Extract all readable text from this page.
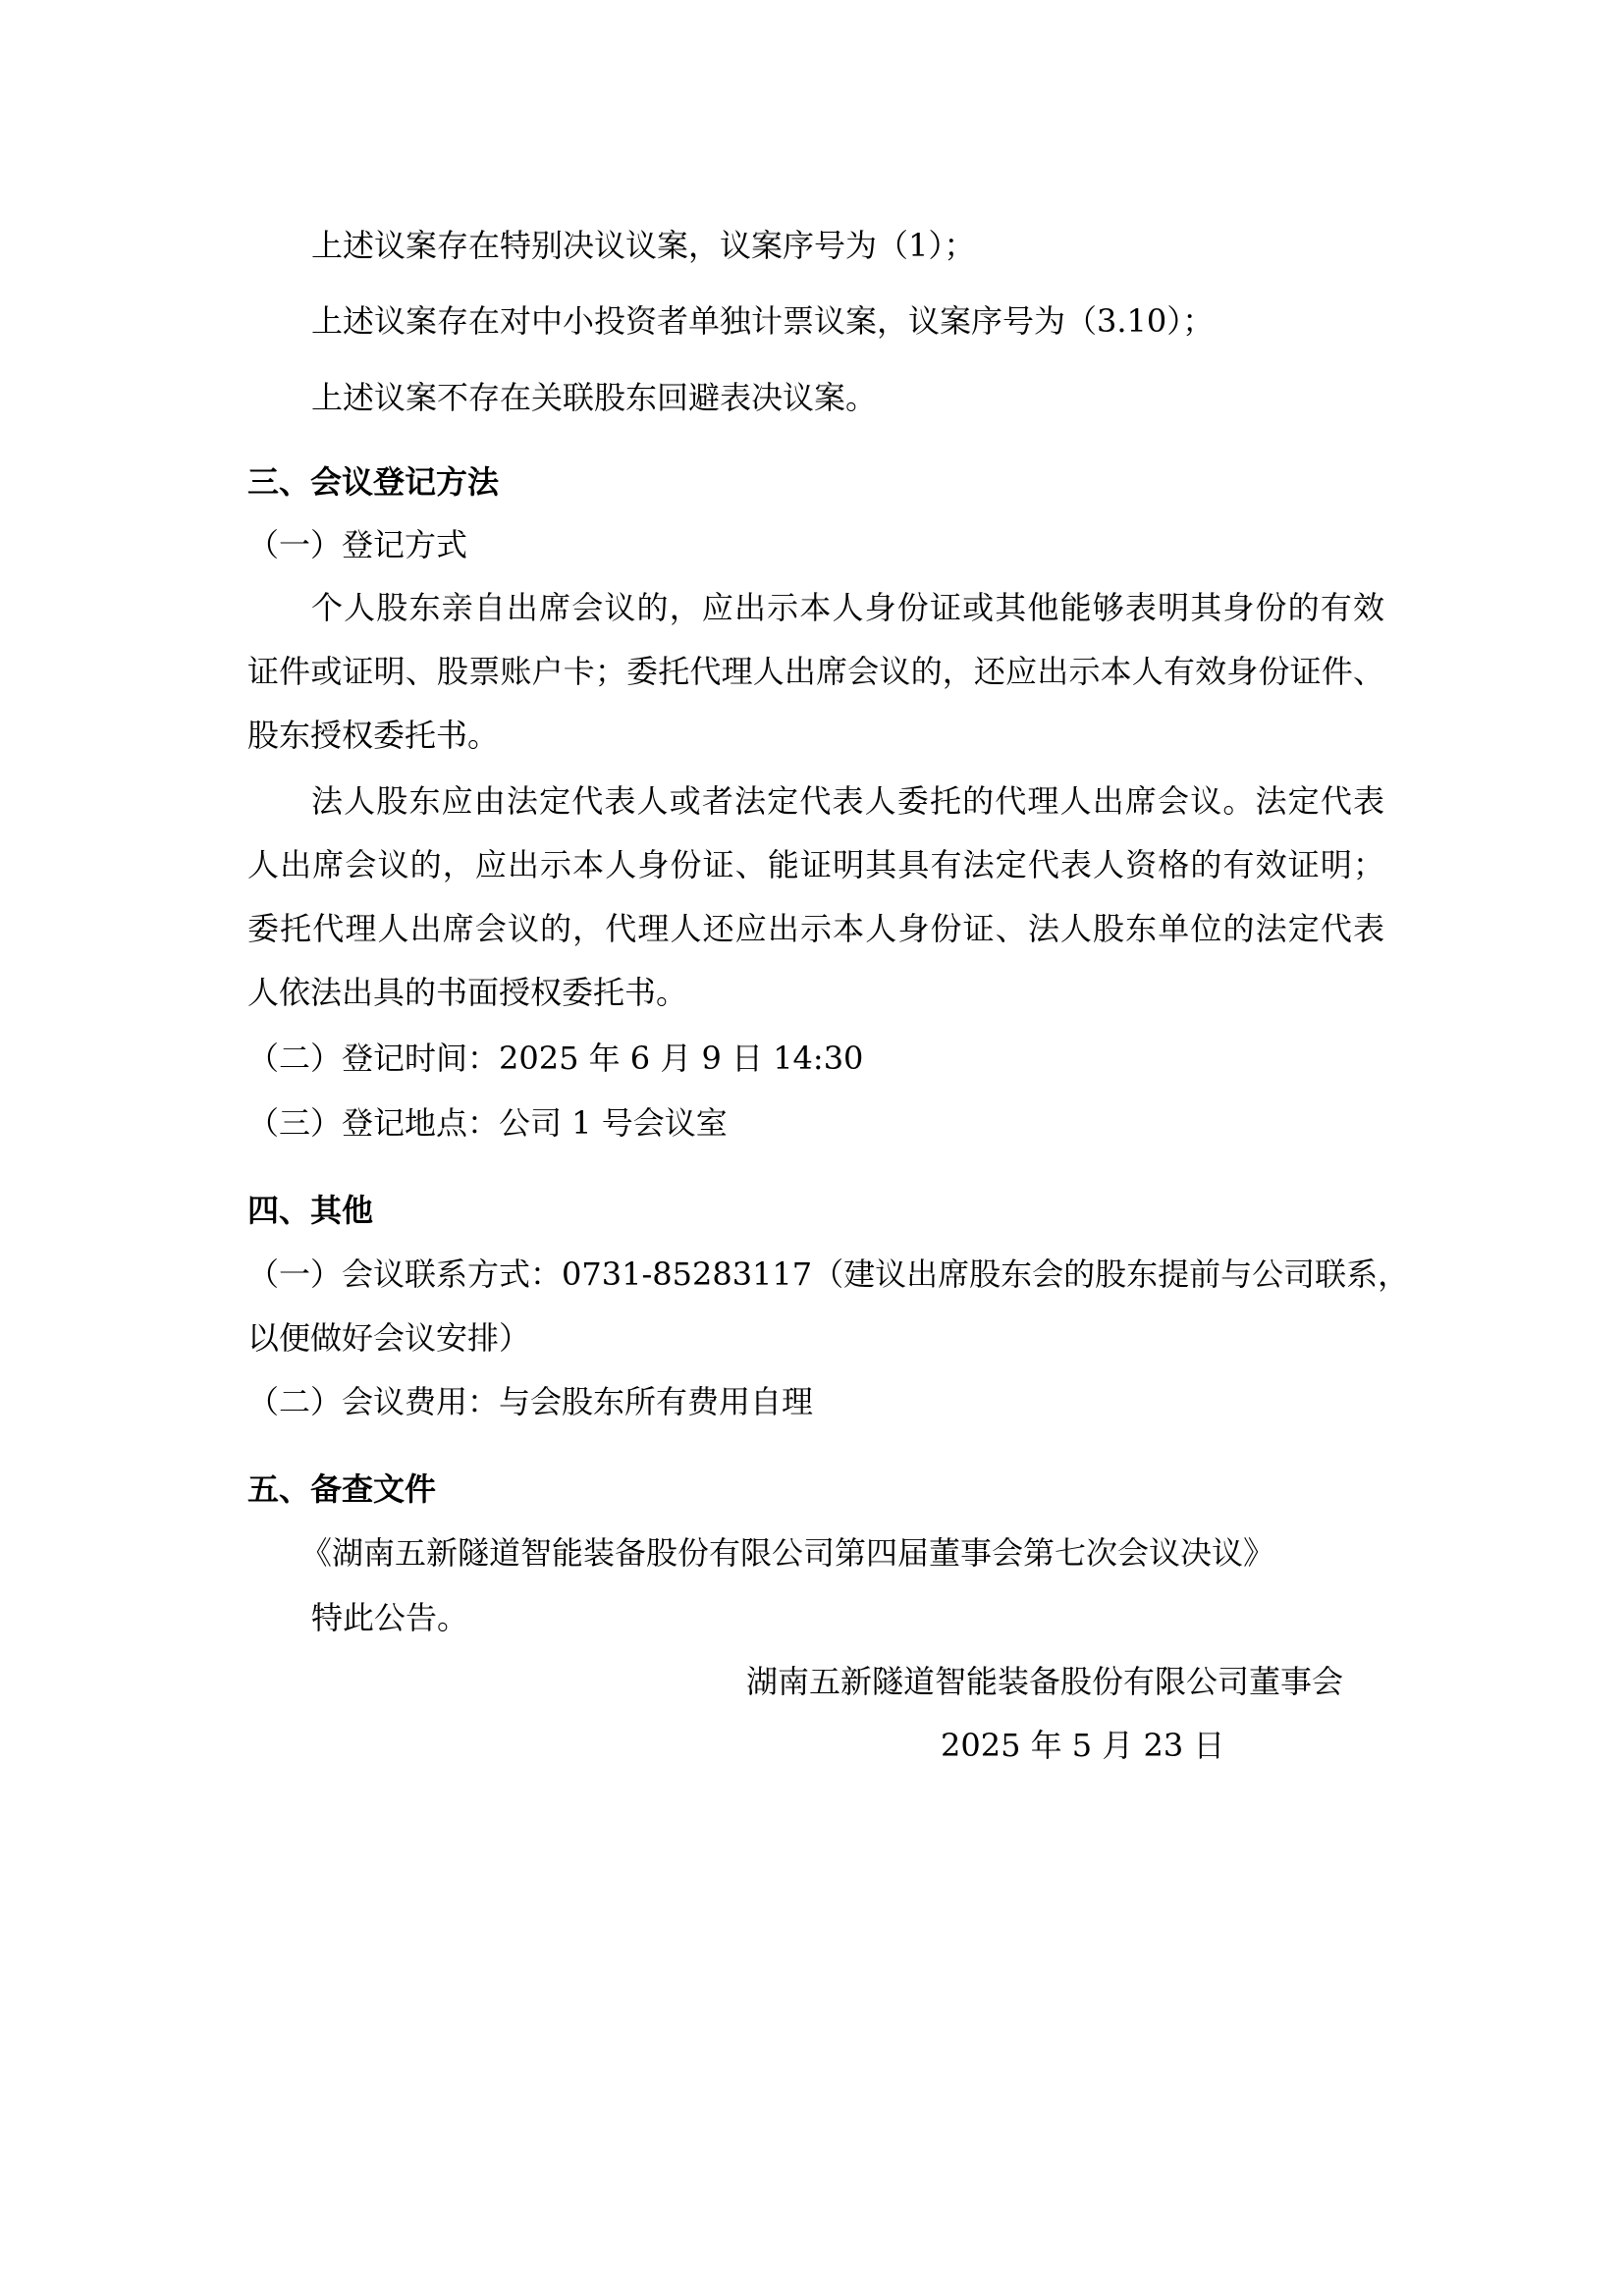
上述议案存在特别决议议案，议案序号为（1）；
上述议案存在对中小投资者单独计票议案，议案序号为（3.10）；
上述议案不存在关联股东回避表决议案。
三、会议登记方法
（一）登记方式
个人股东亲自出席会议的，应出示本人身份证或其他能够表明其身份的有效
证件或证明、股票账户卡；委托代理人出席会议的，还应出示本人有效身份证件、
股东授权委托书。
法人股东应由法定代表人或者法定代表人委托的代理人出席会议。法定代表
人出席会议的，应出示本人身份证、能证明其具有法定代表人资格的有效证明；
委托代理人出席会议的，代理人还应出示本人身份证、法人股东单位的法定代表
人依法出具的书面授权委托书。
（二）登记时间：2025 年 6 月 9 日 14:30
（三）登记地点：公司 1 号会议室
四、其他
（一）会议联系方式：0731-85283117（建议出席股东会的股东提前与公司联系，
以便做好会议安排）
（二）会议费用：与会股东所有费用自理
五、备查文件
《湖南五新隧道智能装备股份有限公司第四届董事会第七次会议决议》
特此公告。
湖南五新隧道智能装备股份有限公司董事会
2025 年 5 月 23 日
